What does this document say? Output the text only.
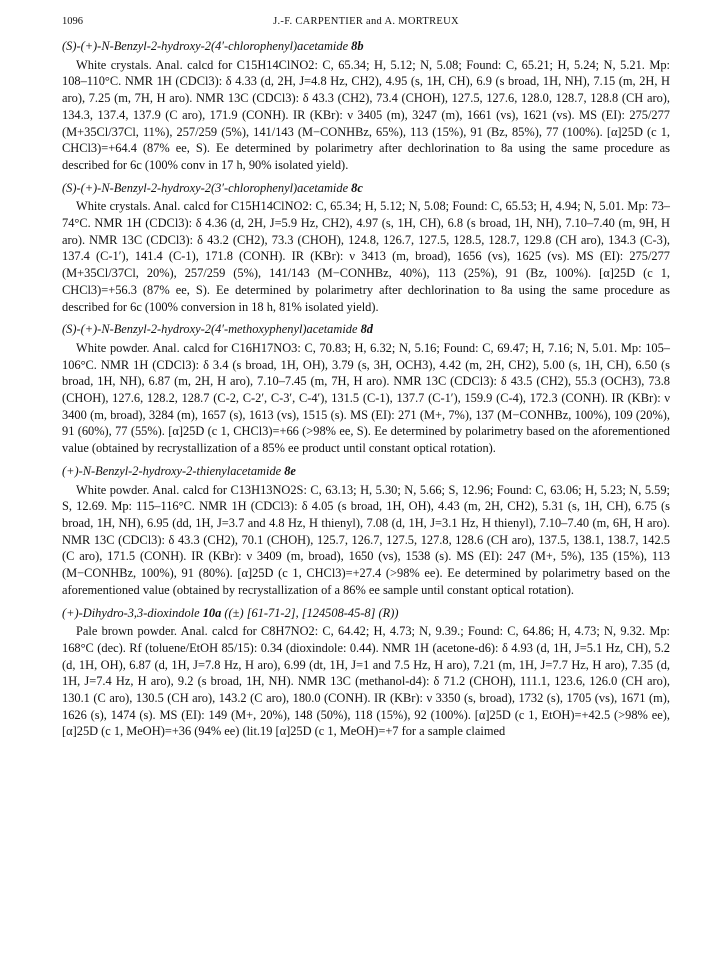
1096	J.-F. CARPENTIER and A. MORTREUX
(S)-(+)-N-Benzyl-2-hydroxy-2(4′-chlorophenyl)acetamide 8b

White crystals. Anal. calcd for C15H14ClNO2: C, 65.34; H, 5.12; N, 5.08; Found: C, 65.21; H, 5.24; N, 5.21. Mp: 108–110°C. NMR 1H (CDCl3): δ 4.33 (d, 2H, J=4.8 Hz, CH2), 4.95 (s, 1H, CH), 6.9 (s broad, 1H, NH), 7.15 (m, 2H, H aro), 7.25 (m, 7H, H aro). NMR 13C (CDCl3): δ 43.3 (CH2), 73.4 (CHOH), 127.5, 127.6, 128.0, 128.7, 128.8 (CH aro), 134.3, 137.4, 137.9 (C aro), 171.9 (CONH). IR (KBr): ν 3405 (m), 3247 (m), 1661 (vs), 1621 (vs). MS (EI): 275/277 (M+35Cl/37Cl, 11%), 257/259 (5%), 141/143 (M−CONHBz, 65%), 113 (15%), 91 (Bz, 85%), 77 (100%). [α]25D (c 1, CHCl3)=+64.4 (87% ee, S). Ee determined by polarimetry after dechlorination to 8a using the same procedure as described for 6c (100% conv in 17 h, 90% isolated yield).

(S)-(+)-N-Benzyl-2-hydroxy-2(3′-chlorophenyl)acetamide 8c

White crystals. Anal. calcd for C15H14ClNO2: C, 65.34; H, 5.12; N, 5.08; Found: C, 65.53; H, 4.94; N, 5.01. Mp: 73–74°C. NMR 1H (CDCl3): δ 4.36 (d, 2H, J=5.9 Hz, CH2), 4.97 (s, 1H, CH), 6.8 (s broad, 1H, NH), 7.10–7.40 (m, 9H, H aro). NMR 13C (CDCl3): δ 43.2 (CH2), 73.3 (CHOH), 124.8, 126.7, 127.5, 128.5, 128.7, 129.8 (CH aro), 134.3 (C-3), 137.4 (C-1′), 141.4 (C-1), 171.8 (CONH). IR (KBr): ν 3413 (m, broad), 1656 (vs), 1625 (vs). MS (EI): 275/277 (M+35Cl/37Cl, 20%), 257/259 (5%), 141/143 (M−CONHBz, 40%), 113 (25%), 91 (Bz, 100%). [α]25D (c 1, CHCl3)=+56.3 (87% ee, S). Ee determined by polarimetry after dechlorination to 8a using the same procedure as described for 6c (100% conversion in 18 h, 81% isolated yield).

(S)-(+)-N-Benzyl-2-hydroxy-2(4′-methoxyphenyl)acetamide 8d

White powder. Anal. calcd for C16H17NO3: C, 70.83; H, 6.32; N, 5.16; Found: C, 69.47; H, 7.16; N, 5.01. Mp: 105–106°C. NMR 1H (CDCl3): δ 3.4 (s broad, 1H, OH), 3.79 (s, 3H, OCH3), 4.42 (m, 2H, CH2), 5.00 (s, 1H, CH), 6.50 (s broad, 1H, NH), 6.87 (m, 2H, H aro), 7.10–7.45 (m, 7H, H aro). NMR 13C (CDCl3): δ 43.5 (CH2), 55.3 (OCH3), 73.8 (CHOH), 127.6, 128.2, 128.7 (C-2, C-2′, C-3′, C-4′), 131.5 (C-1), 137.7 (C-1′), 159.9 (C-4), 172.3 (CONH). IR (KBr): ν 3400 (m, broad), 3284 (m), 1657 (s), 1613 (vs), 1515 (s). MS (EI): 271 (M+, 7%), 137 (M−CONHBz, 100%), 109 (20%), 91 (60%), 77 (55%). [α]25D (c 1, CHCl3)=+66 (>98% ee, S). Ee determined by polarimetry based on the aforementioned value (obtained by recrystallization of a 85% ee product until constant optical rotation).

(+)-N-Benzyl-2-hydroxy-2-thienylacetamide 8e

White powder. Anal. calcd for C13H13NO2S: C, 63.13; H, 5.30; N, 5.66; S, 12.96; Found: C, 63.06; H, 5.23; N, 5.59; S, 12.69. Mp: 115–116°C. NMR 1H (CDCl3): δ 4.05 (s broad, 1H, OH), 4.43 (m, 2H, CH2), 5.31 (s, 1H, CH), 6.75 (s broad, 1H, NH), 6.95 (dd, 1H, J=3.7 and 4.8 Hz, H thienyl), 7.08 (d, 1H, J=3.1 Hz, H thienyl), 7.10–7.40 (m, 6H, H aro). NMR 13C (CDCl3): δ 43.3 (CH2), 70.1 (CHOH), 125.7, 126.7, 127.5, 127.8, 128.6 (CH aro), 137.5, 138.1, 138.7, 142.5 (C aro), 171.5 (CONH). IR (KBr): ν 3409 (m, broad), 1650 (vs), 1538 (s). MS (EI): 247 (M+, 5%), 135 (15%), 113 (M−CONHBz, 100%), 91 (80%). [α]25D (c 1, CHCl3)=+27.4 (>98% ee). Ee determined by polarimetry based on the aforementioned value (obtained by recrystallization of a 86% ee sample until constant optical rotation).

(+)-Dihydro-3,3-dioxindole 10a ((±) [61-71-2], [124508-45-8] (R))

Pale brown powder. Anal. calcd for C8H7NO2: C, 64.42; H, 4.73; N, 9.39.; Found: C, 64.86; H, 4.73; N, 9.32. Mp: 168°C (dec). Rf (toluene/EtOH 85/15): 0.34 (dioxindole: 0.44). NMR 1H (acetone-d6): δ 4.93 (d, 1H, J=5.1 Hz, CH), 5.2 (d, 1H, OH), 6.87 (d, 1H, J=7.8 Hz, H aro), 6.99 (dt, 1H, J=1 and 7.5 Hz, H aro), 7.21 (m, 1H, J=7.7 Hz, H aro), 7.35 (d, 1H, J=7.4 Hz, H aro), 9.2 (s broad, 1H, NH). NMR 13C (methanol-d4): δ 71.2 (CHOH), 111.1, 123.6, 126.0 (CH aro), 130.1 (C aro), 130.5 (CH aro), 143.2 (C aro), 180.0 (CONH). IR (KBr): ν 3350 (s, broad), 1732 (s), 1705 (vs), 1671 (m), 1626 (s), 1474 (s). MS (EI): 149 (M+, 20%), 148 (50%), 118 (15%), 92 (100%). [α]25D (c 1, EtOH)=+42.5 (>98% ee), [α]25D (c 1, MeOH)=+36 (94% ee) (lit.19 [α]25D (c 1, MeOH)=+7 for a sample claimed
